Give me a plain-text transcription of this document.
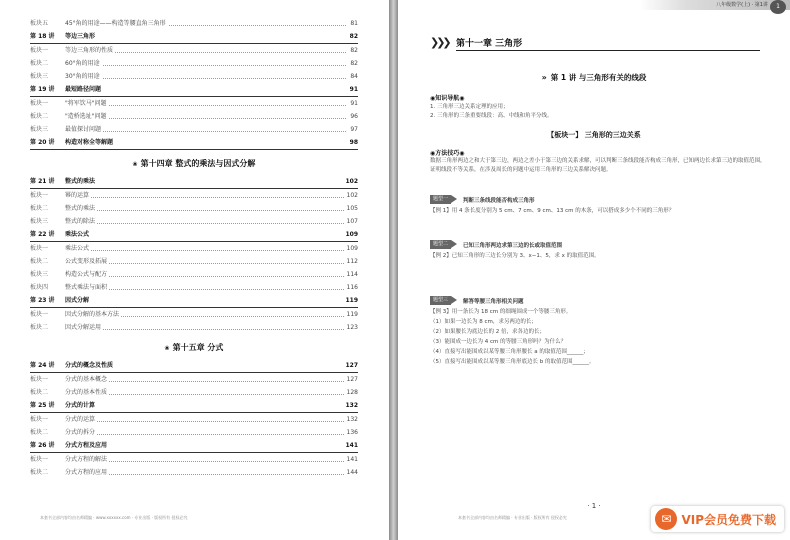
板块五	45°角的用途——构造等腰直角三角形	81
第 18 讲 等边三角形	82
板块一	等边三角形的性质	82
板块二	60°角的用途	82
板块三	30°角的用途	84
第 19 讲 最短路径问题	91
板块一	"将军饮马"问题	91
板块二	"造桥选址"问题	96
板块三	最值探讨问题	97
第 20 讲 构造对称全等解题	98
❀ 第十四章 整式的乘法与因式分解
第 21 讲 整式的乘法	102
板块一	幂的运算	102
板块二	整式的乘法	105
板块三	整式的除法	107
第 22 讲 乘法公式	109
板块一	乘法公式	109
板块二	公式变形及拓展	112
板块三	构造公式与配方	114
板块四	整式乘法与面积	116
第 23 讲 因式分解	119
板块一	因式分解的基本方法	119
板块二	因式分解运用	123
❀ 第十五章 分式
第 24 讲 分式的概念及性质	127
板块一	分式的基本概念	127
板块二	分式的基本性质	128
第 25 讲 分式的计算	132
板块一	分式的运算	132
板块二	分式的拆分	136
第 26 讲 分式方程及应用	141
板块一	分式方程的解法	141
板块二	分式方程的应用	144
本套书全部内容均由名师精编 · www.xxxxxx.com · 专业出版 · 版权所有 侵权必究
八年级数学(上) · 第1讲	1
❯❯❯ 第十一章 三角形
» 第 1 讲 与三角形有关的线段
◉知识导航◉
1. 三角形三边关系定理的应用；
2. 三角形的三条重要线段：高、中线和角平分线。
【板块一】 三角形的三边关系
◉方法技巧◉
数据三角形两边之和大于第三边，两边之差小于第三边的关系求解，可以判断三条线段能否构成三角形，已知两边长求第三边的取值范围，证明线段不等关系，在涉及周长的问题中运用三角形的三边关系解决问题。
题型一	判断三条线段能否构成三角形
【例 1】用 4 条长度分别为 5 cm、7 cm、9 cm、13 cm 的木条，可以搭成多少个不同的三角形？
题型二	已知三角形两边求第三边的长或取值范围
【例 2】已知三角形的三边长分别为 3、x−1、5，求 x 的取值范围。
题型三	解答等腰三角形相关问题
【例 3】用一条长为 18 cm 的细绳围成一个等腰三角形。
（1）如果一边长为 8 cm，求另两边的长；
（2）如果腰长为底边长的 2 倍，求各边的长；
（3）能围成一边长为 4 cm 的等腰三角形吗？为什么？
（4）直接写出能围成以某等腰三角形腰长 a 的取值范围______；
（5）直接写出能围成以某等腰三角形底边长 b 的取值范围______。
· 1 ·
本套书全部内容均由名师精编 · 专业出版 · 版权所有 侵权必究	✉ VIP会员免费下载
